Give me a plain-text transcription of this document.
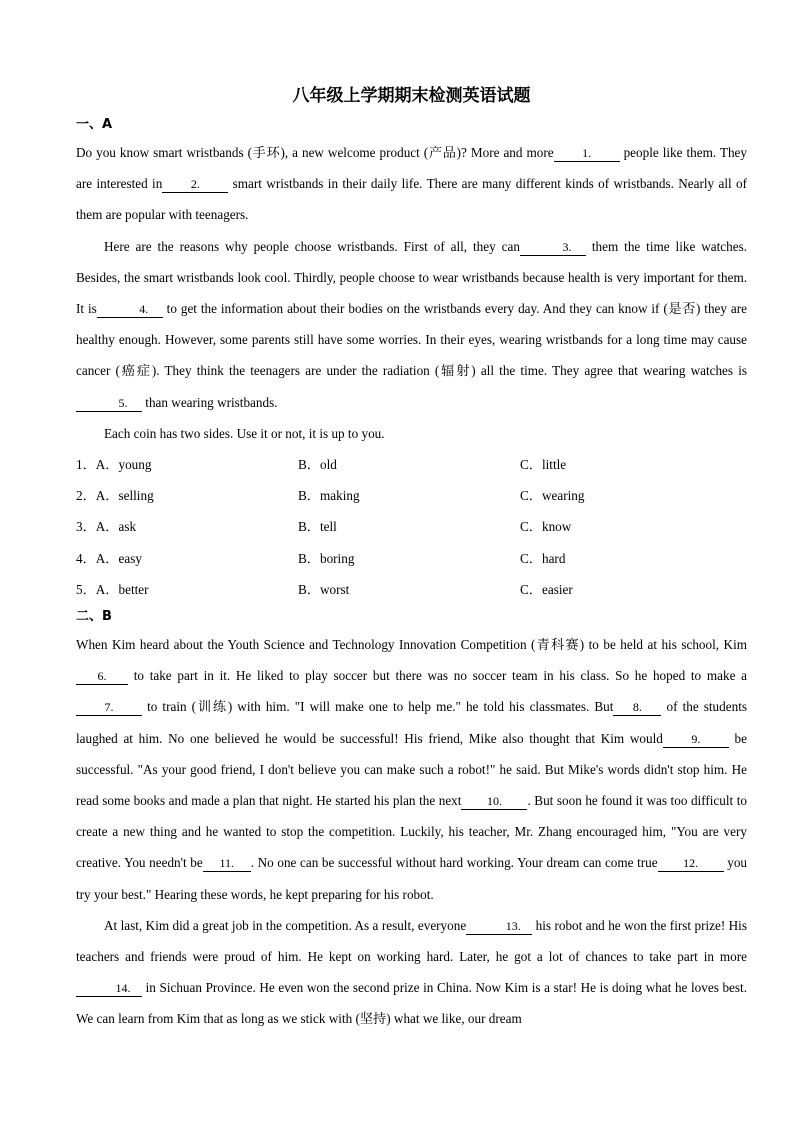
八年级上学期期末检测英语试题
一、A

Do you know smart wristbands (手环), a new welcome product (产品)? More and more 1. people like them. They are interested in 2. smart wristbands in their daily life. There are many different kinds of wristbands. Nearly all of them are popular with teenagers.

Here are the reasons why people choose wristbands. First of all, they can	3. them the time like watches. Besides, the smart wristbands look cool. Thirdly, people choose to wear wristbands because health is very important for them. It is	4. to get the information about their bodies on the wristbands every day. And they can know if (是否) they are healthy enough. However, some parents still have some worries. In their eyes, wearing wristbands for a long time may cause cancer (癌症). They think the teenagers are under the radiation (辐射) all the time. They agree that wearing watches is5. than wearing wristbands.

Each coin has two sides. Use it or not, it is up to you.

1．A．young	B．old	C．little
2．A．selling	B．making	C．wearing
3．A．ask	B．tell	C．know
4．A．easy	B．boring	C．hard
5．A．better	B．worst	C．easier
二、B

When Kim heard about the Youth Science and Technology Innovation Competition (青科赛) to be held at his school, Kim6. to take part in it. He liked to play soccer but there was no soccer team in his class. So he hoped to make a7. to train (训练) with him. "I will make one to help me." he told his classmates. But 8. of the students laughed at him. No one believed he would be successful! His friend, Mike also thought that Kim would 9. be successful. "As your good friend, I don't believe you can make such a robot!" he said. But Mike's words didn't stop him. He read some books and made a plan that night. He started his plan the next 10. . But soon he found it was too difficult to create a new thing and he wanted to stop the competition. Luckily, his teacher, Mr. Zhang encouraged him, "You are very creative. You needn't be 11. . No one can be successful without hard working. Your dream can come true 12. you try your best." Hearing these words, he kept preparing for his robot.

At last, Kim did a great job in the competition. As a result, everyone	13. his robot and he won the first prize! His teachers and friends were proud of him. He kept on working hard. Later, he got a lot of chances to take part in more14. in Sichuan Province. He even won the second prize in China. Now Kim is a star! He is doing what he loves best. We can learn from Kim that as long as we stick with (坚持) what we like, our dream
